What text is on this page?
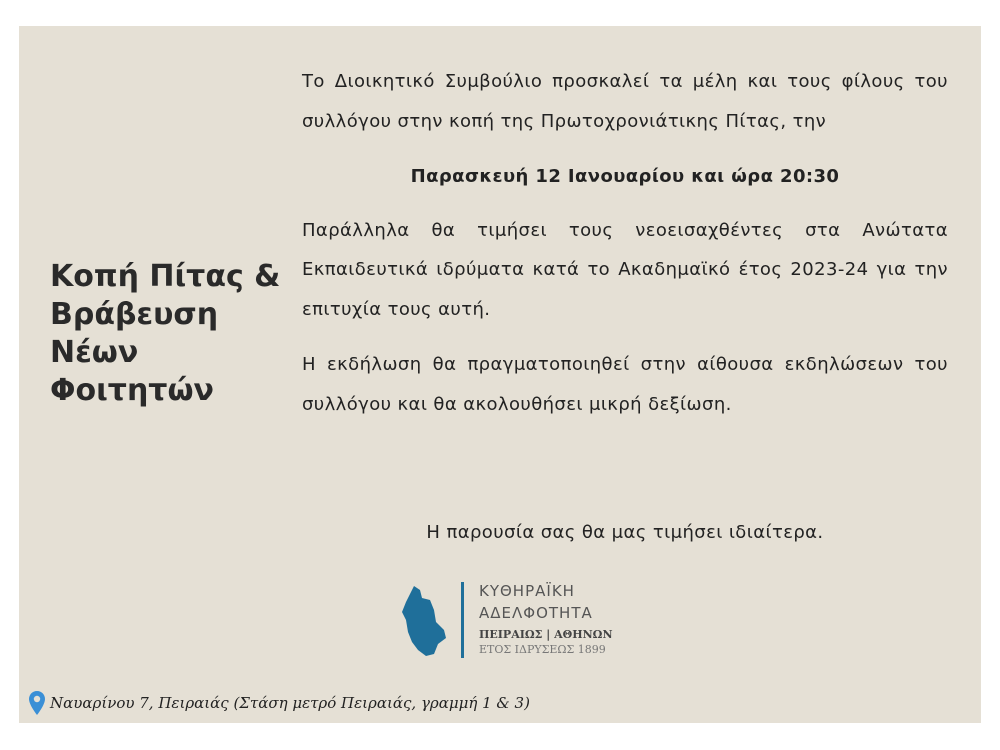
Κοπή Πίτας & Βράβευση Νέων Φοιτητών

Το Διοικητικό Συμβούλιο προσκαλεί τα μέλη και τους φίλους του συλλόγου στην κοπή της Πρωτοχρονιάτικης Πίτας, την

Παρασκευή 12 Ιανουαρίου και ώρα 20:30

Παράλληλα θα τιμήσει τους νεοεισαχθέντες στα Ανώτατα Εκπαιδευτικά ιδρύματα κατά το Ακαδημαϊκό έτος 2023-24 για την επιτυχία τους αυτή.

Η εκδήλωση θα πραγματοποιηθεί στην αίθουσα εκδηλώσεων του συλλόγου και θα ακολουθήσει μικρή δεξίωση.

Η παρουσία σας θα μας τιμήσει ιδιαίτερα.
ΚΥΘΗΡΑΪΚΗ
ΑΔΕΛΦΟΤΗΤΑ
ΠΕΙΡΑΙΩΣ | ΑΘΗΝΩΝ
ΕΤΟΣ ΙΔΡΥΣΕΩΣ 1899
Ναυαρίνου 7, Πειραιάς (Στάση μετρό Πειραιάς, γραμμή 1 & 3)
